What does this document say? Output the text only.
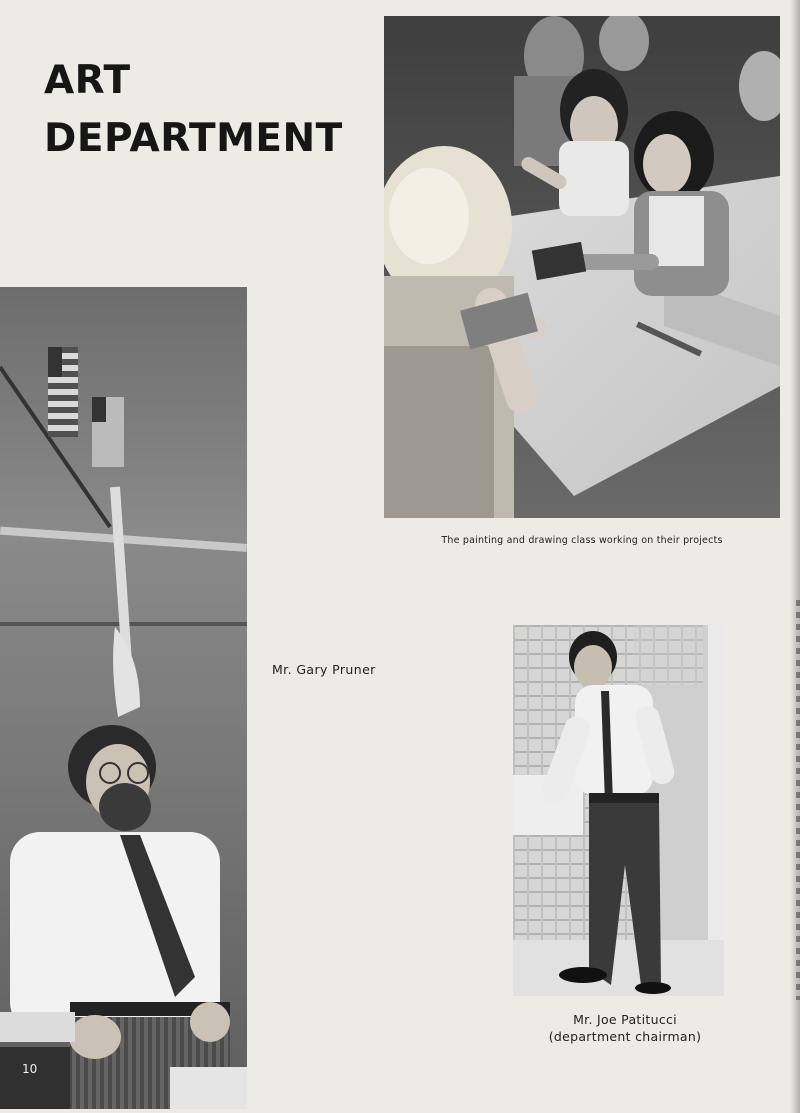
ART
DEPARTMENT
The painting and drawing class working on their projects
10
Mr. Gary Pruner
Mr. Joe Patitucci
(department chairman)
